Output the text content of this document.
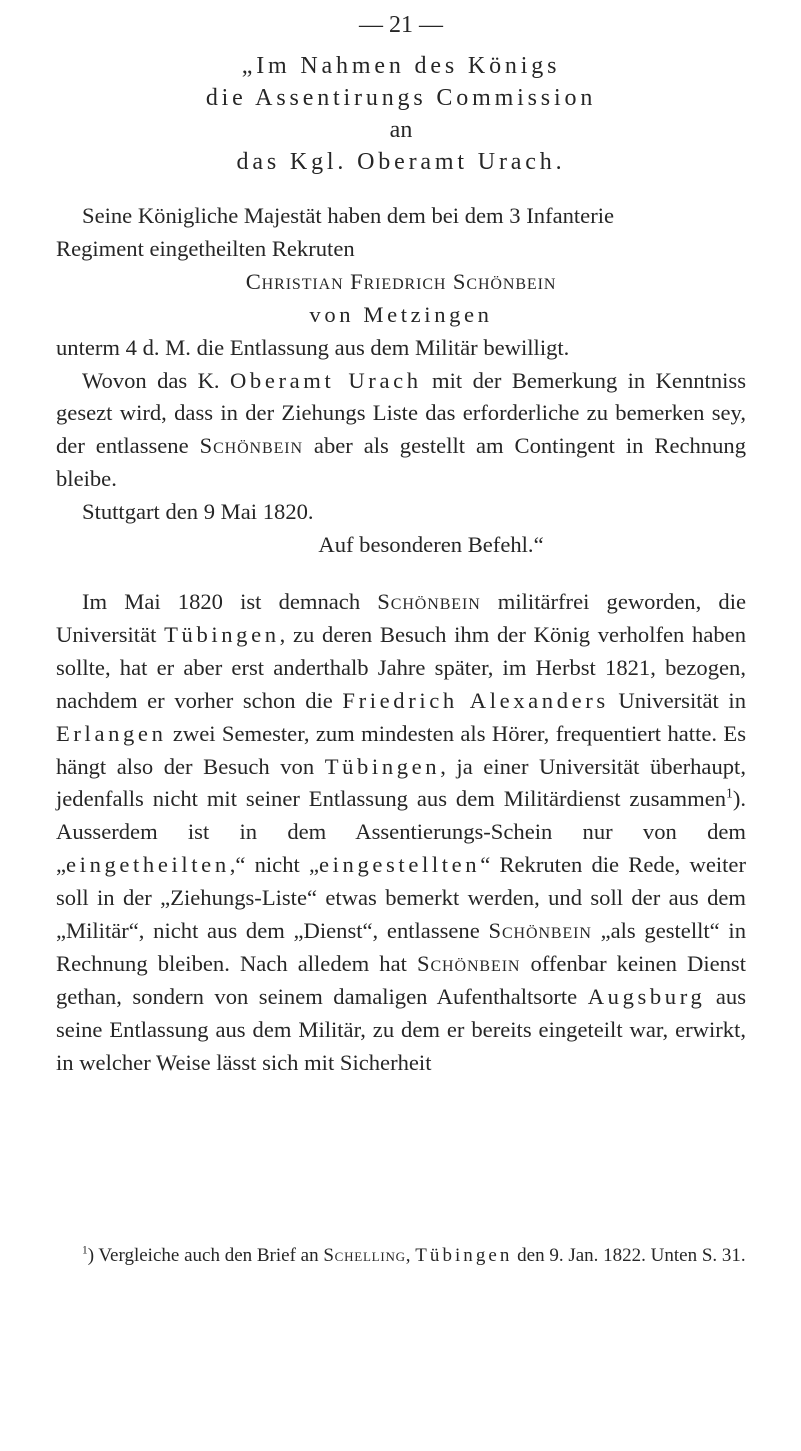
— 21 —
„Im Nahmen des Königs
die Assentirungs Commission
an
das Kgl. Oberamt Urach.

Seine Königliche Majestät haben dem bei dem 3 Infanterie
Regiment eingetheilten Rekruten

Christian Friedrich Schönbein

von Metzingen

unterm 4 d. M. die Entlassung aus dem Militär bewilligt.

Wovon das K. Oberamt Urach mit der Bemerkung in Kenntniss gesezt wird, dass in der Ziehungs Liste das erforderliche zu bemerken sey, der entlassene Schönbein aber als gestellt am Contingent in Rechnung bleibe.

Stuttgart den 9 Mai 1820.

Auf besonderen Befehl.“

Im Mai 1820 ist demnach Schönbein militärfrei geworden, die Universität Tübingen, zu deren Besuch ihm der König verholfen haben sollte, hat er aber erst anderthalb Jahre später, im Herbst 1821, bezogen, nachdem er vorher schon die Friedrich Alexanders Universität in Erlangen zwei Semester, zum mindesten als Hörer, frequentiert hatte. Es hängt also der Besuch von Tübingen, ja einer Universität überhaupt, jedenfalls nicht mit seiner Entlassung aus dem Militärdienst zusammen$^1$). Ausserdem ist in dem Assentierungs-Schein nur von dem „eingetheilten,“ nicht „eingestellten“ Rekruten die Rede, weiter soll in der „Ziehungs-Liste“ etwas bemerkt werden, und soll der aus dem „Militär“, nicht aus dem „Dienst“, entlassene Schönbein „als gestellt“ in Rechnung bleiben. Nach alledem hat Schönbein offenbar keinen Dienst gethan, sondern von seinem damaligen Aufenthaltsorte Augsburg aus seine Entlassung aus dem Militär, zu dem er bereits eingeteilt war, erwirkt, in welcher Weise lässt sich mit Sicherheit

$^1$) Vergleiche auch den Brief an Schelling, Tübingen den 9. Jan. 1822. Unten S. 31.
